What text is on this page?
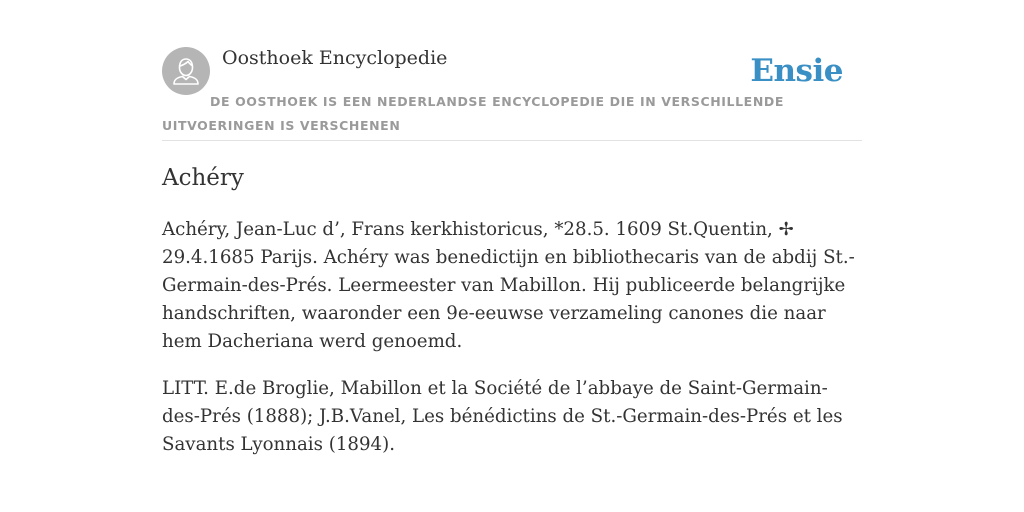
Oosthoek Encyclopedie	Ensie
DE OOSTHOEK IS EEN NEDERLANDSE ENCYCLOPEDIE DIE IN VERSCHILLENDE UITVOERINGEN IS VERSCHENEN
Achéry

Achéry, Jean-Luc d’, Frans kerkhistoricus, *28.5. 1609 St.Quentin, ✢ 29.4.1685 Parijs. Achéry was benedictijn en bibliothecaris van de abdij St.-Germain-des-Prés. Leermeester van Mabillon. Hij publiceerde belangrijke handschriften, waaronder een 9e-eeuwse verzameling canones die naar hem Dacheriana werd genoemd.

LITT. E.de Broglie, Mabillon et la Société de l’abbaye de Saint-Germain-des-Prés (1888); J.B.Vanel, Les bénédictins de St.-Germain-des-Prés et les Savants Lyonnais (1894).
